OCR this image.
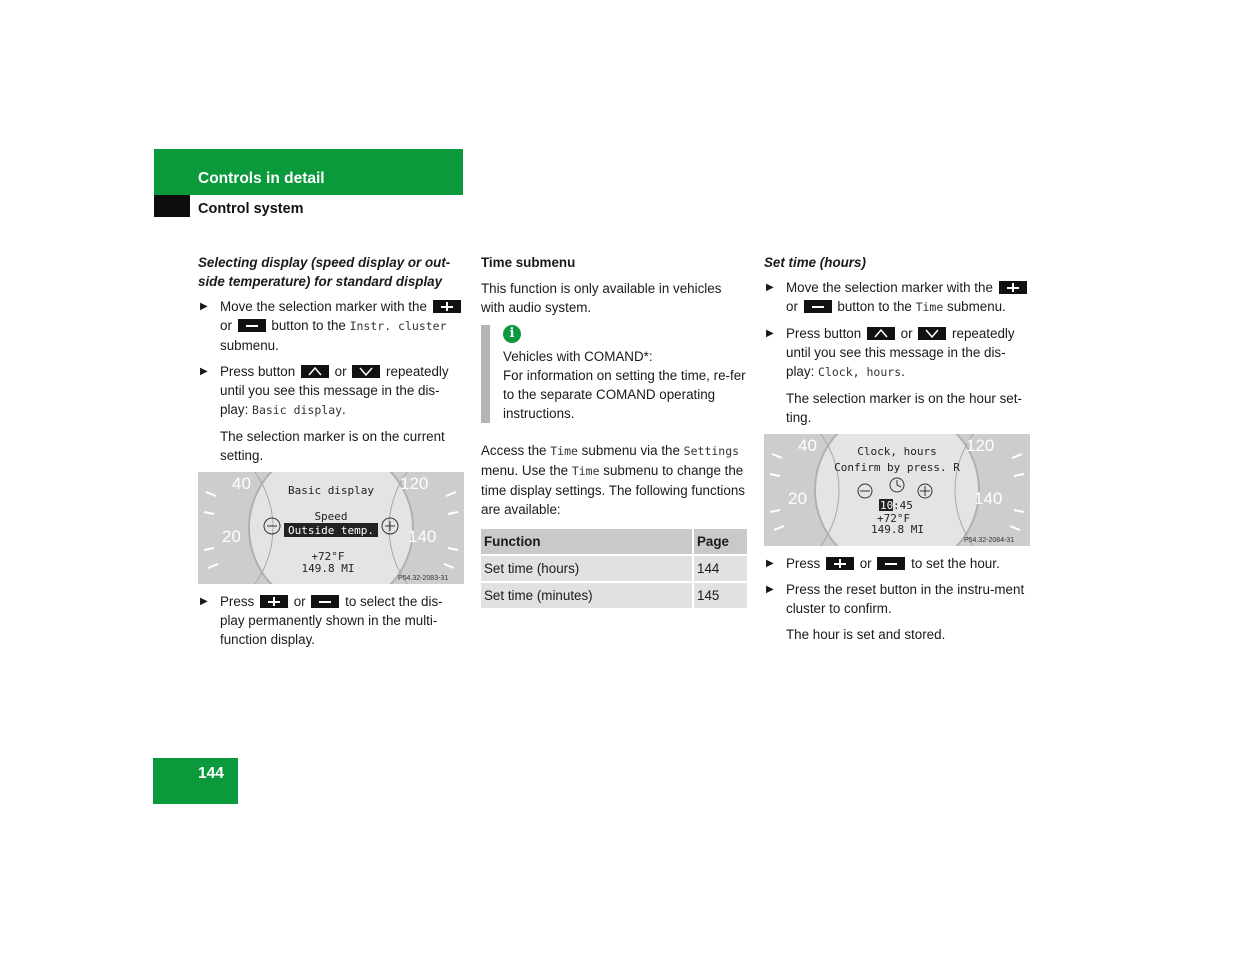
Controls in detail
Control system

Selecting display (speed display or out-side temperature) for standard display

▶ Move the selection marker with the  or	button to the Instr. cluster submenu.
▶ Press button	or	repeatedly until you see this message in the dis-play: Basic display.

The selection marker is on the current setting.

40
20
120
140
Basic display
Speed
Outside temp.
+72°F
149.8 MI
P54.32-2083-31
▶ Press	or	to select the dis-play permanently shown in the multi-function display.

Time submenu

This function is only available in vehicles with audio system.

i
Vehicles with COMAND*:
For information on setting the time, re-fer to the separate COMAND operating instructions.

Access the Time submenu via the Settings menu. Use the Time submenu to change the time display settings. The following functions are available:

Function	Page
Set time (hours)	144
Set time (minutes)	145

Set time (hours)

▶ Move the selection marker with the  or	button to the Time submenu.
▶ Press button	or	repeatedly until you see this message in the dis-play: Clock, hours.

The selection marker is on the hour set-ting.

40
20
120
140
Clock, hours
Confirm by press. R
10 :45
+72°F
149.8 MI
P54.32-2084-31
▶ Press	or	to set the hour.
▶ Press the reset button in the instru-ment cluster to confirm.

The hour is set and stored.

144
